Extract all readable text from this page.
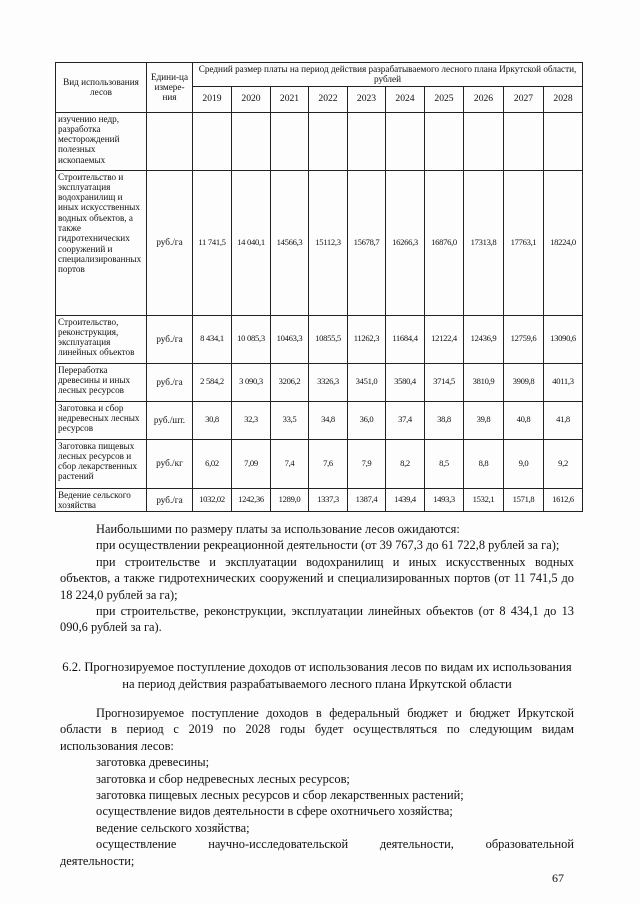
Вид использования лесов	Едини-ца измере-ния	Средний размер платы на период действия разрабатываемого лесного плана Иркутской области, рублей									
		2019	2020	2021	2022	2023	2024	2025	2026	2027	2028
изучению недр, разработка месторождений полезных ископаемых											
Строительство и эксплуатация водохранилищ и иных искусственных водных объектов, а также гидротехнических сооружений и специализированных портов	руб./га	11 741,5	14 040,1	14566,3	15112,3	15678,7	16266,3	16876,0	17313,8	17763,1	18224,0
Строительство, реконструкция, эксплуатация линейных объектов	руб./га	8 434,1	10 085,3	10463,3	10855,5	11262,3	11684,4	12122,4	12436,9	12759,6	13090,6
Переработка древесины и иных лесных ресурсов	руб./га	2 584,2	3 090,3	3206,2	3326,3	3451,0	3580,4	3714,5	3810,9	3909,8	4011,3
Заготовка и сбор недревесных лесных ресурсов	руб./шт.	30,8	32,3	33,5	34,8	36,0	37,4	38,8	39,8	40,8	41,8
Заготовка пищевых лесных ресурсов и сбор лекарственных растений	руб./кг	6,02	7,09	7,4	7,6	7,9	8,2	8,5	8,8	9,0	9,2
Ведение сельского хозяйства	руб./га	1032,02	1242,36	1289,0	1337,3	1387,4	1439,4	1493,3	1532,1	1571,8	1612,6

Наибольшими по размеру платы за использование лесов ожидаются:

при осуществлении рекреационной деятельности (от 39 767,3 до 61 722,8 рублей за га);

при строительстве и эксплуатации водохранилищ и иных искусственных водных объектов, а также гидротехнических сооружений и специализированных портов (от 11 741,5 до 18 224,0 рублей за га);

при строительстве, реконструкции, эксплуатации линейных объектов (от 8 434,1 до 13 090,6 рублей за га).

6.2. Прогнозируемое поступление доходов от использования лесов по видам их использования на период действия разрабатываемого лесного плана Иркутской области

Прогнозируемое поступление доходов в федеральный бюджет и бюджет Иркутской области в период с 2019 по 2028 годы будет осуществляться по следующим видам использования лесов:

заготовка древесины;

заготовка и сбор недревесных лесных ресурсов;

заготовка пищевых лесных ресурсов и сбор лекарственных растений;

осуществление видов деятельности в сфере охотничьего хозяйства;

ведение сельского хозяйства;

осуществление	научно-исследовательской	деятельности,	образовательной

деятельности;

67
